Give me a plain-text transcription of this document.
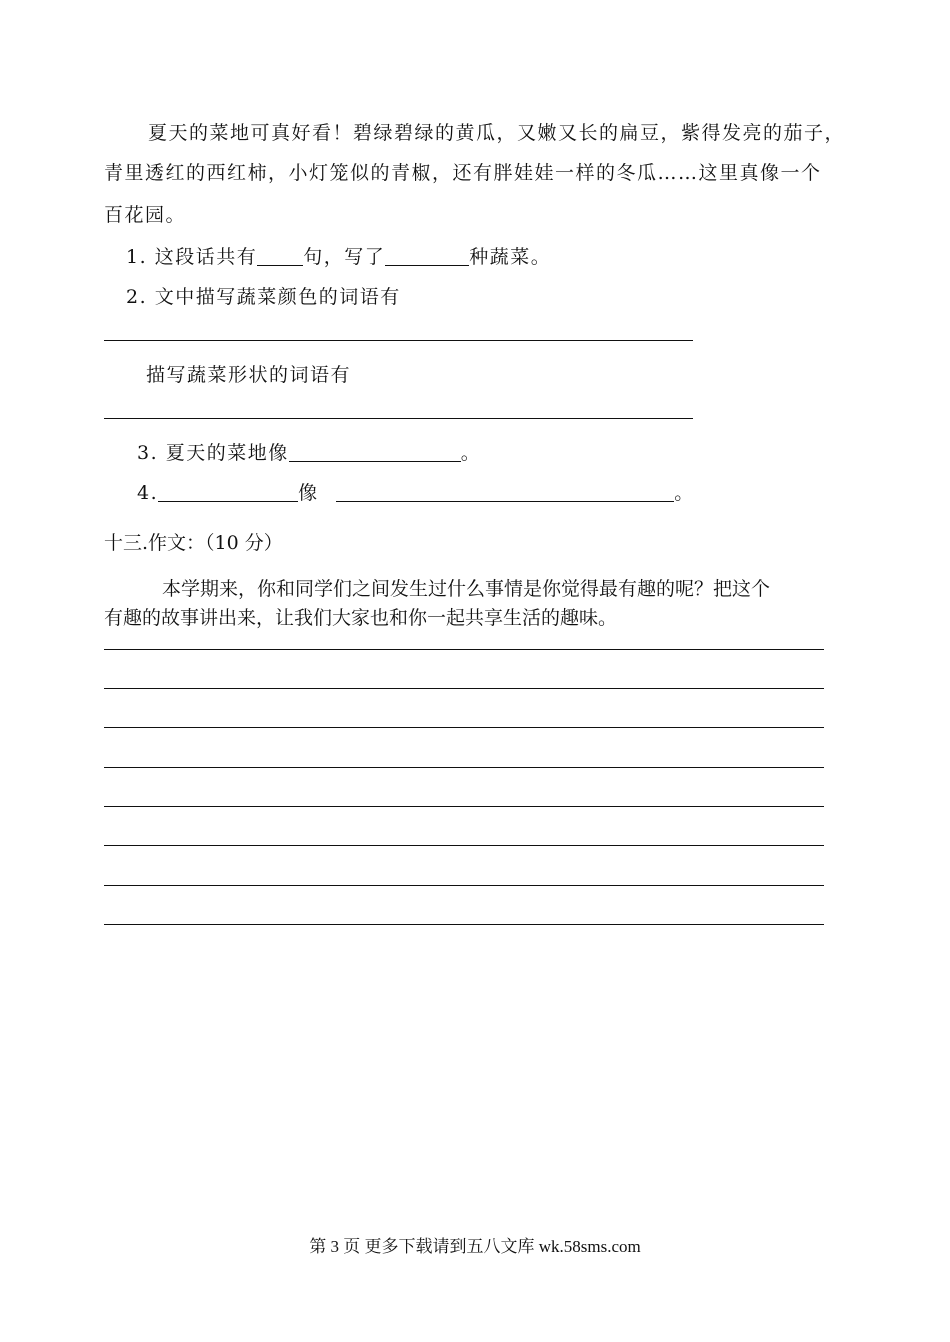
夏天的菜地可真好看！碧绿碧绿的黄瓜，又嫩又长的扁豆，紫得发亮的茄子，
青里透红的西红柿，小灯笼似的青椒，还有胖娃娃一样的冬瓜……这里真像一个
百花园。
1. 这段话共有 句，写了	种蔬菜。
2. 文中描写蔬菜颜色的词语有
描写蔬菜形状的词语有
3. 夏天的菜地像	。
4.	像	。
十三.作文：（10 分）
本学期来，你和同学们之间发生过什么事情是你觉得最有趣的呢？把这个
有趣的故事讲出来，让我们大家也和你一起共享生活的趣味。
第 3 页 更多下载请到五八文库 wk.58sms.com
